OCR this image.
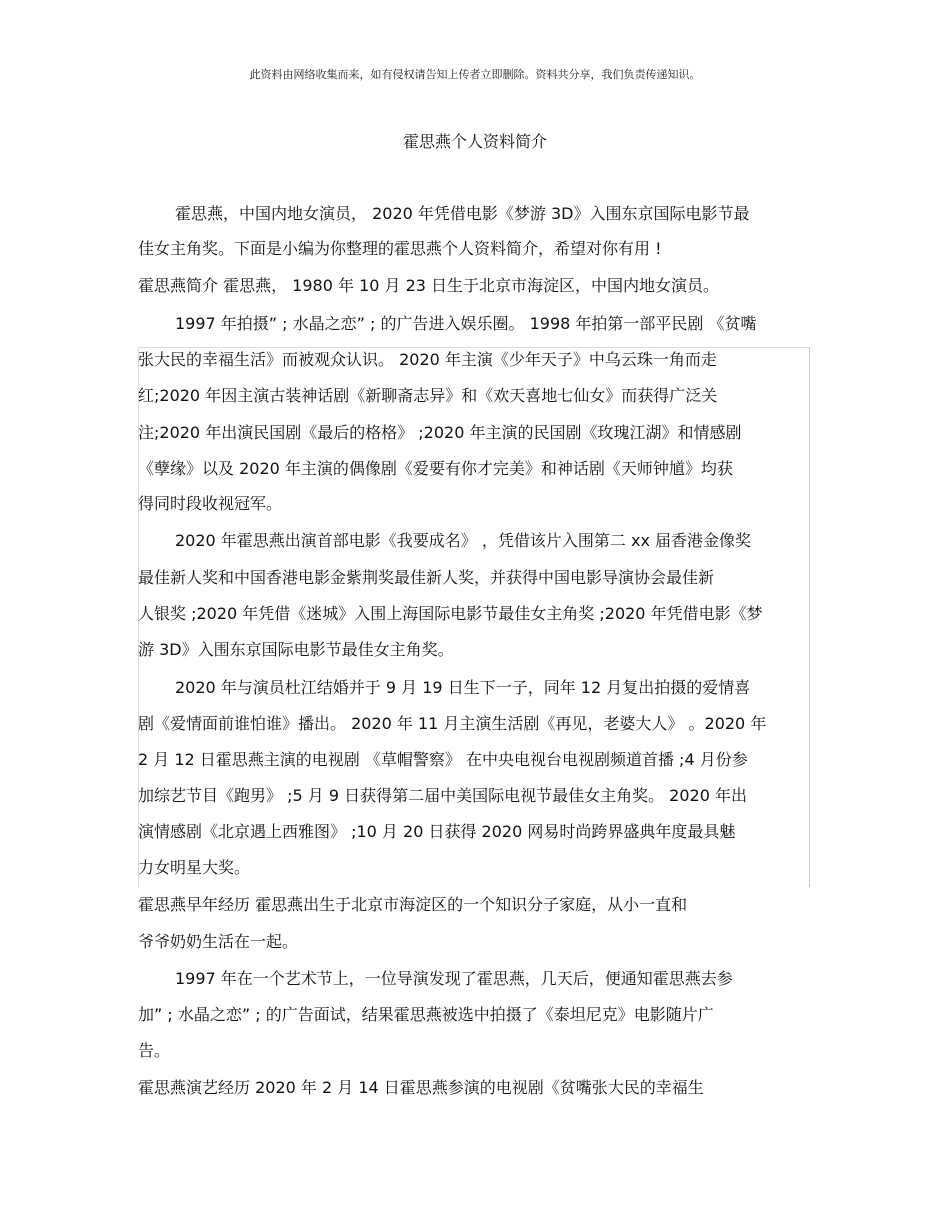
此资料由网络收集而来，如有侵权请告知上传者立即删除。资料共分享，我们负责传递知识。
霍思燕个人资料简介
霍思燕，中国内地女演员， 2020 年凭借电影《梦游 3D》入围东京国际电影节最
佳女主角奖。下面是小编为你整理的霍思燕个人资料简介，希望对你有用 !
霍思燕简介 霍思燕， 1980 年 10 月 23 日生于北京市海淀区，中国内地女演员。
1997 年拍摄” ; 水晶之恋” ; 的广告进入娱乐圈。 1998 年拍第一部平民剧 《贫嘴
张大民的幸福生活》而被观众认识。 2020 年主演《少年天子》中乌云珠一角而走
红;2020 年因主演古装神话剧《新聊斋志异》和《欢天喜地七仙女》而获得广泛关
注;2020 年出演民国剧《最后的格格》 ;2020 年主演的民国剧《玫瑰江湖》和情感剧
《孽缘》以及 2020 年主演的偶像剧《爱要有你才完美》和神话剧《天师钟馗》均获
得同时段收视冠军。
2020 年霍思燕出演首部电影《我要成名》 ，凭借该片入围第二 xx 届香港金像奖
最佳新人奖和中国香港电影金紫荆奖最佳新人奖，并获得中国电影导演协会最佳新
人银奖 ;2020 年凭借《迷城》入围上海国际电影节最佳女主角奖 ;2020 年凭借电影《梦
游 3D》入围东京国际电影节最佳女主角奖。
2020 年与演员杜江结婚并于 9 月 19 日生下一子，同年 12 月复出拍摄的爱情喜
剧《爱情面前谁怕谁》播出。 2020 年 11 月主演生活剧《再见，老婆大人》 。2020 年
2 月 12 日霍思燕主演的电视剧 《草帽警察》 在中央电视台电视剧频道首播 ;4 月份参
加综艺节目《跑男》 ;5 月 9 日获得第二届中美国际电视节最佳女主角奖。 2020 年出
演情感剧《北京遇上西雅图》 ;10 月 20 日获得 2020 网易时尚跨界盛典年度最具魅
力女明星大奖。
霍思燕早年经历 霍思燕出生于北京市海淀区的一个知识分子家庭，从小一直和
爷爷奶奶生活在一起。
1997 年在一个艺术节上，一位导演发现了霍思燕，几天后，便通知霍思燕去参
加” ; 水晶之恋” ; 的广告面试，结果霍思燕被选中拍摄了《泰坦尼克》电影随片广
告。
霍思燕演艺经历 2020 年 2 月 14 日霍思燕参演的电视剧《贫嘴张大民的幸福生
